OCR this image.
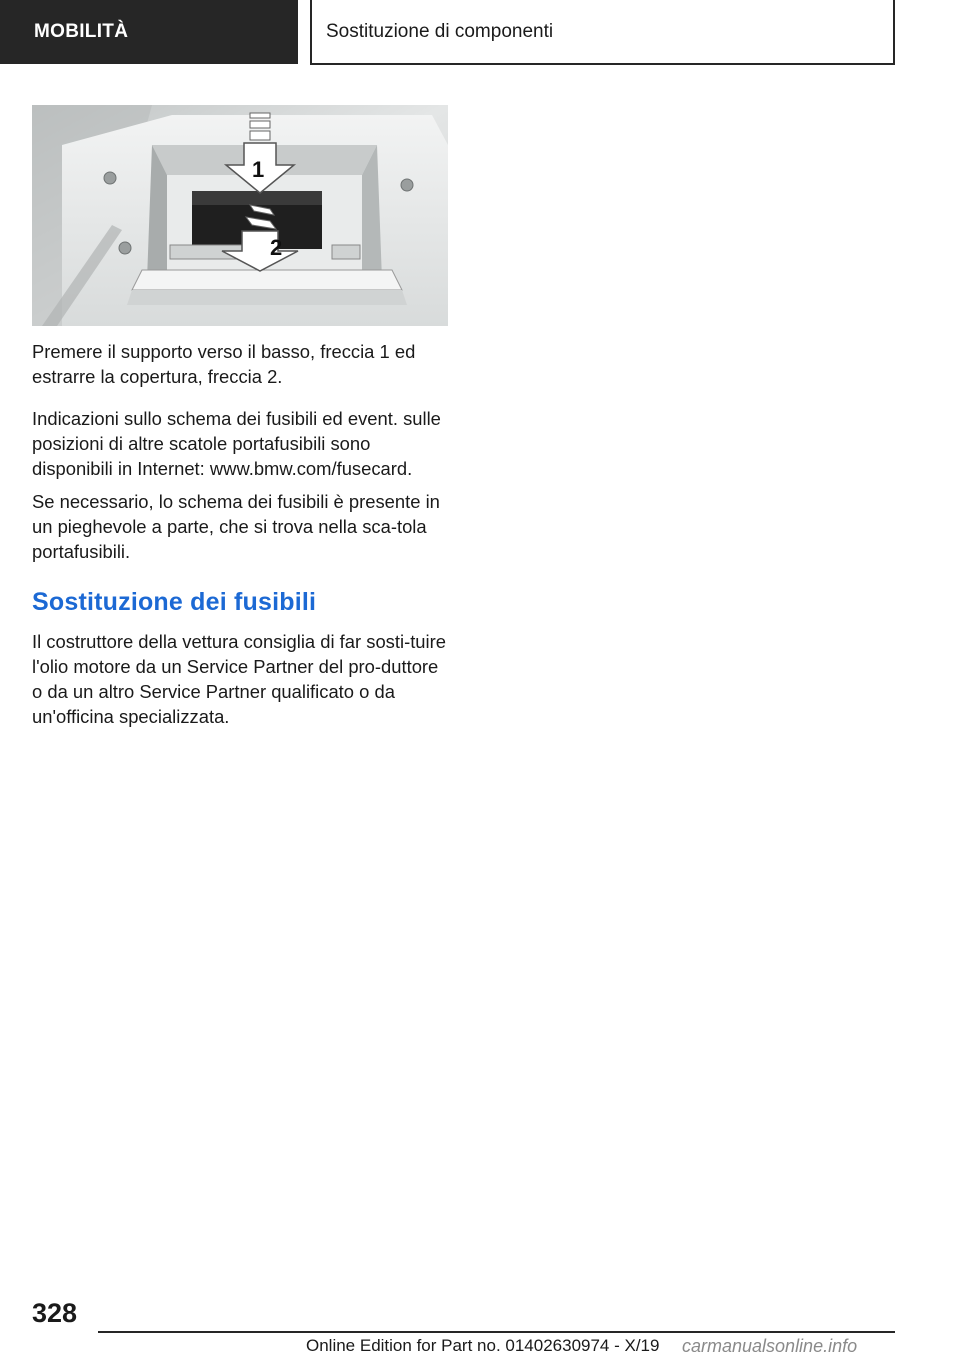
MOBILITÀ	Sostituzione di componenti
1
2

Premere il supporto verso il basso, freccia 1 ed estrarre la copertura, freccia 2.

Indicazioni sullo schema dei fusibili ed event. sulle posizioni di altre scatole portafusibili sono disponibili in Internet: www.bmw.com/fusecard.

Se necessario, lo schema dei fusibili è presente in un pieghevole a parte, che si trova nella sca-tola portafusibili.

Sostituzione dei fusibili

Il costruttore della vettura consiglia di far sosti-tuire l'olio motore da un Service Partner del pro-duttore o da un altro Service Partner qualificato o da un'officina specializzata.

328
Online Edition for Part no. 01402630974 - X/19 carmanualsonline.info
